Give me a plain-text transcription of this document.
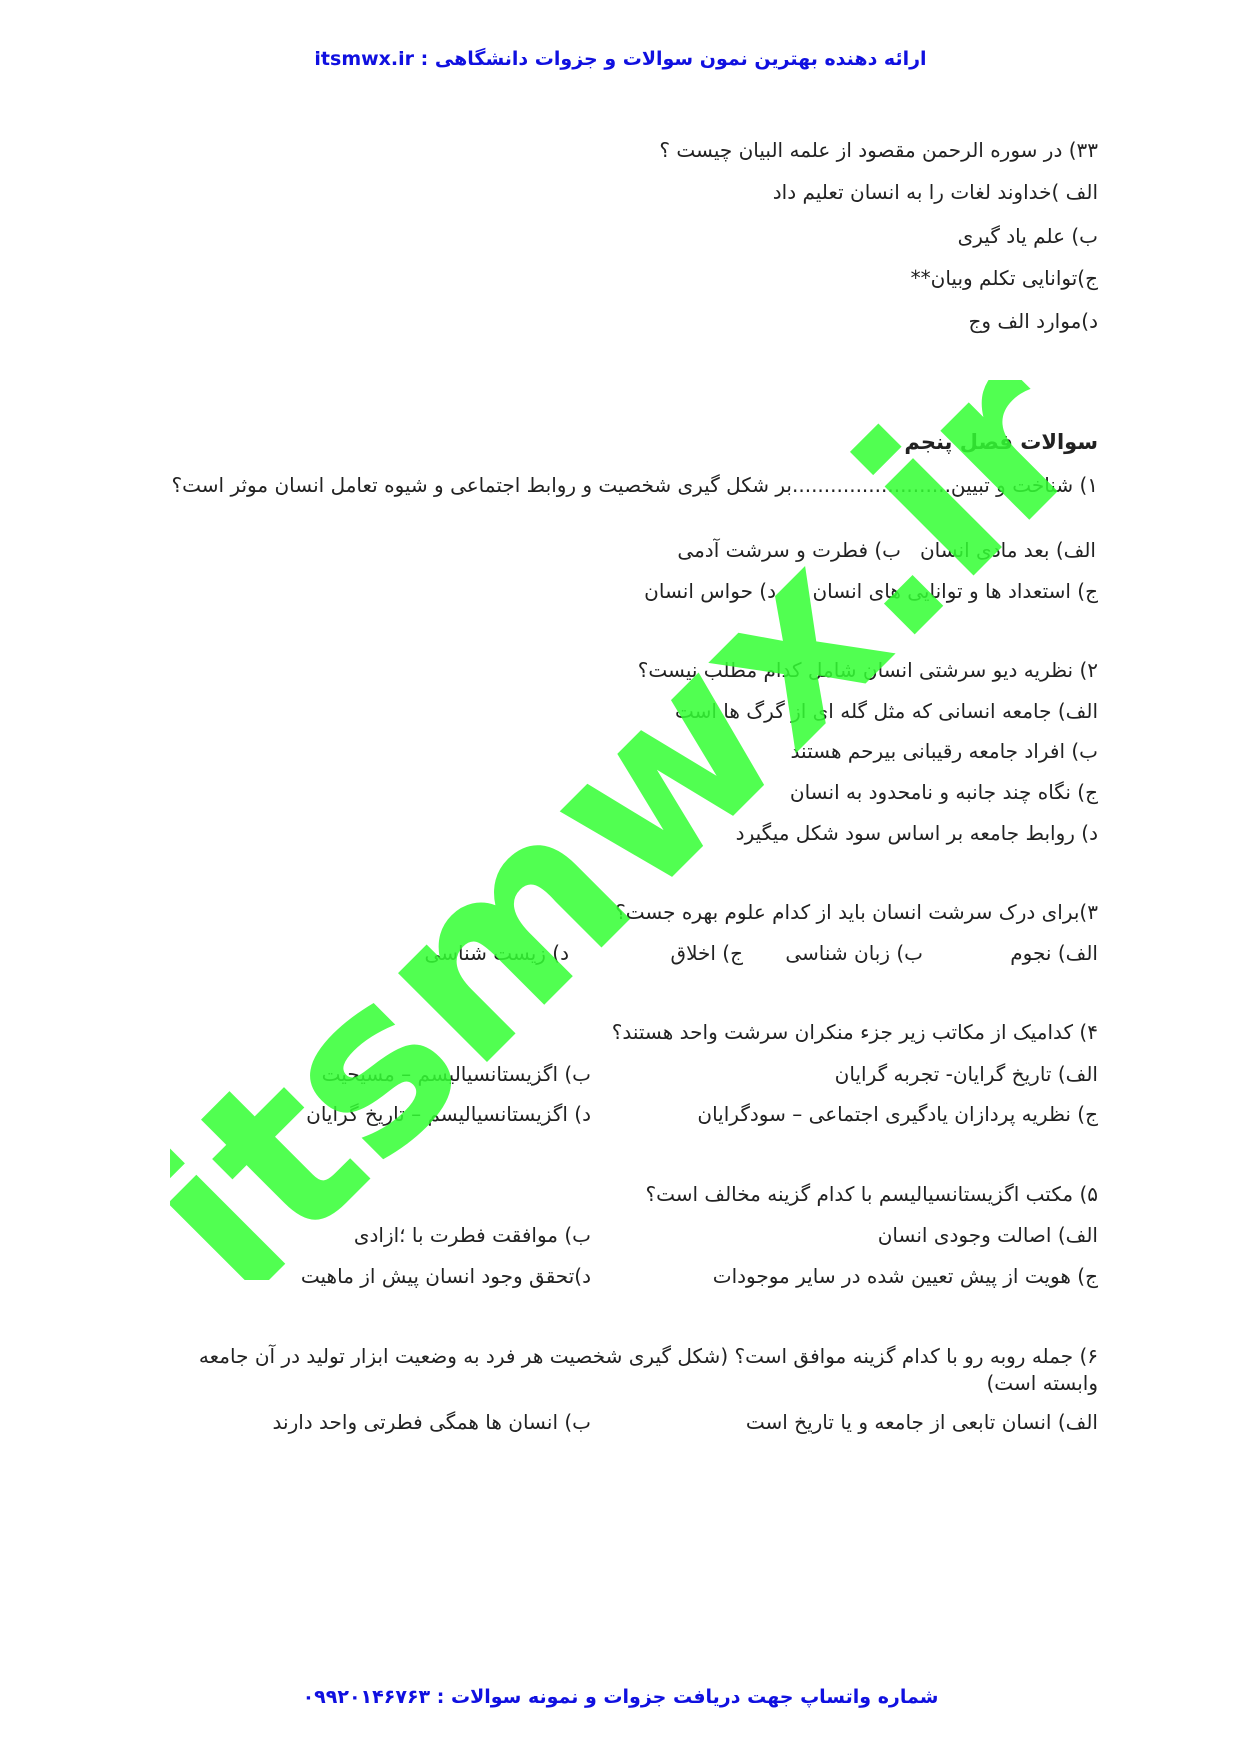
ارائه دهنده بهترین نمون سوالات و جزوات دانشگاهی : itsmwx.ir
۳۳) در سوره الرحمن مقصود از علمه البیان چیست ؟
الف )خداوند لغات را به انسان تعلیم داد
ب) علم یاد گیری
ج)توانایی تکلم وبیان**
د)موارد الف وج
سوالات فصل پنجم
۱) شناخت و تبیین.........................بر شکل گیری شخصیت و روابط اجتماعی و شیوه تعامل انسان موثر است؟
الف) بعد مادی انسان
ب) فطرت و سرشت آدمی
ج) استعداد ها و توانایی های انسان
د) حواس انسان
۲) نظریه دیو سرشتی انسان شامل کدام مطلب نیست؟
الف) جامعه انسانی که مثل گله ای از گرگ ها است
ب) افراد جامعه رقیبانی بیرحم هستند
ج) نگاه چند جانبه و نامحدود به انسان
د) روابط جامعه بر اساس سود شکل میگیرد
۳)برای درک سرشت انسان باید از کدام علوم بهره جست؟
الف) نجوم
ب) زبان شناسی
ج) اخلاق
د) زیست شناسی
۴) کدامیک از مکاتب زیر جزء منکران سرشت واحد هستند؟
الف) تاریخ گرایان- تجربه گرایان
ب) اگزیستانسیالیسم – مسیحیت
ج) نظریه پردازان یادگیری اجتماعی – سودگرایان
د) اگزیستانسیالیسم – تاریخ گرایان
۵) مکتب اگزیستانسیالیسم با کدام گزینه مخالف است؟
الف) اصالت وجودی انسان
ب) موافقت فطرت با ؛ازادی
ج) هویت از پیش تعیین شده در سایر موجودات
د)تحقق وجود انسان پیش از ماهیت
۶) جمله روبه رو با کدام گزینه موافق است؟ (شکل گیری شخصیت هر فرد به وضعیت ابزار تولید در آن جامعه وابسته است)
الف) انسان تابعی از جامعه و یا تاریخ است
ب) انسان ها همگی فطرتی واحد دارند
شماره واتساپ جهت دریافت جزوات و نمونه سوالات : ۰۹۹۲۰۱۴۶۷۶۳
itsmwx.ir
